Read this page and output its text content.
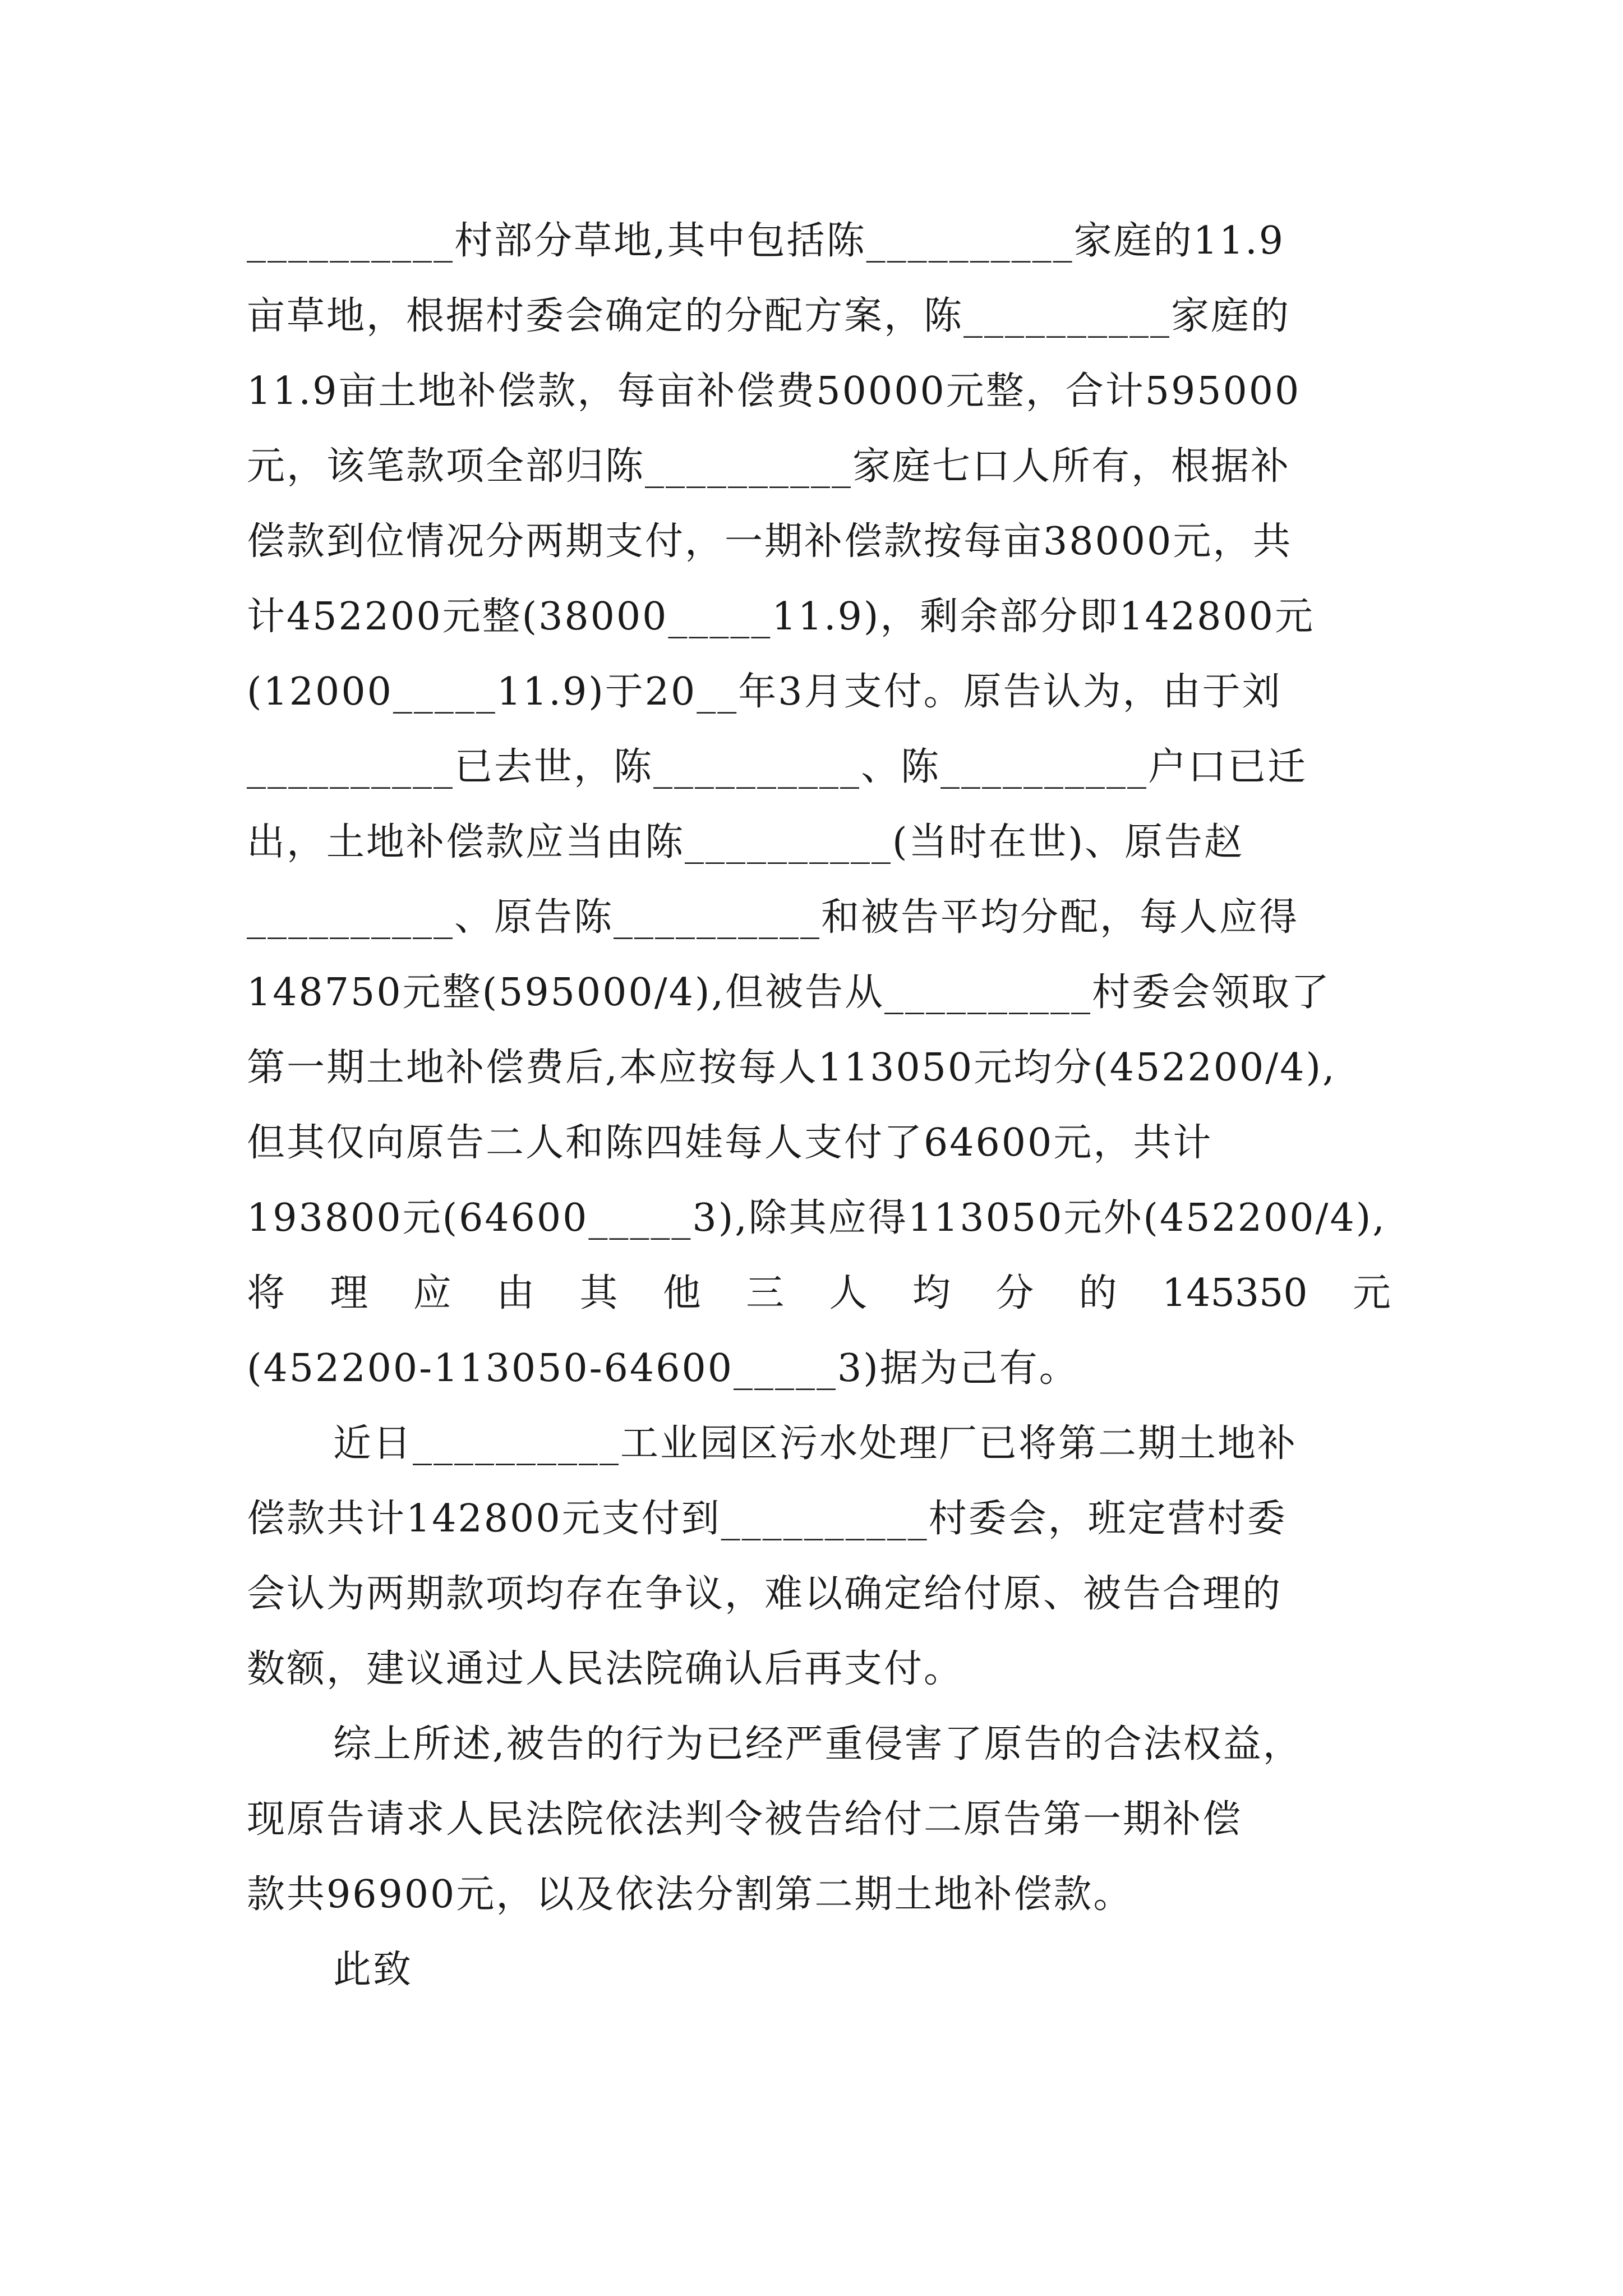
__________村部分草地,其中包括陈__________家庭的11.9
亩草地，根据村委会确定的分配方案，陈__________家庭的
11.9亩土地补偿款，每亩补偿费50000元整，合计595000
元，该笔款项全部归陈__________家庭七口人所有，根据补
偿款到位情况分两期支付，一期补偿款按每亩38000元，共
计452200元整(38000_____11.9)，剩余部分即142800元
(12000_____11.9)于20__年3月支付。原告认为，由于刘
__________已去世，陈__________、陈__________户口已迁
出，土地补偿款应当由陈__________(当时在世)、原告赵
__________、原告陈__________和被告平均分配，每人应得
148750元整(595000/4),但被告从__________村委会领取了
第一期土地补偿费后,本应按每人113050元均分(452200/4),
但其仅向原告二人和陈四娃每人支付了64600元，共计
193800元(64600_____3),除其应得113050元外(452200/4),
将 理 应 由 其 他 三 人 均 分 的 145350 元
(452200-113050-64600_____3)据为己有。
近日__________工业园区污水处理厂已将第二期土地补
偿款共计142800元支付到__________村委会，班定营村委
会认为两期款项均存在争议，难以确定给付原、被告合理的
数额，建议通过人民法院确认后再支付。
综上所述,被告的行为已经严重侵害了原告的合法权益，
现原告请求人民法院依法判令被告给付二原告第一期补偿
款共96900元，以及依法分割第二期土地补偿款。
此致
